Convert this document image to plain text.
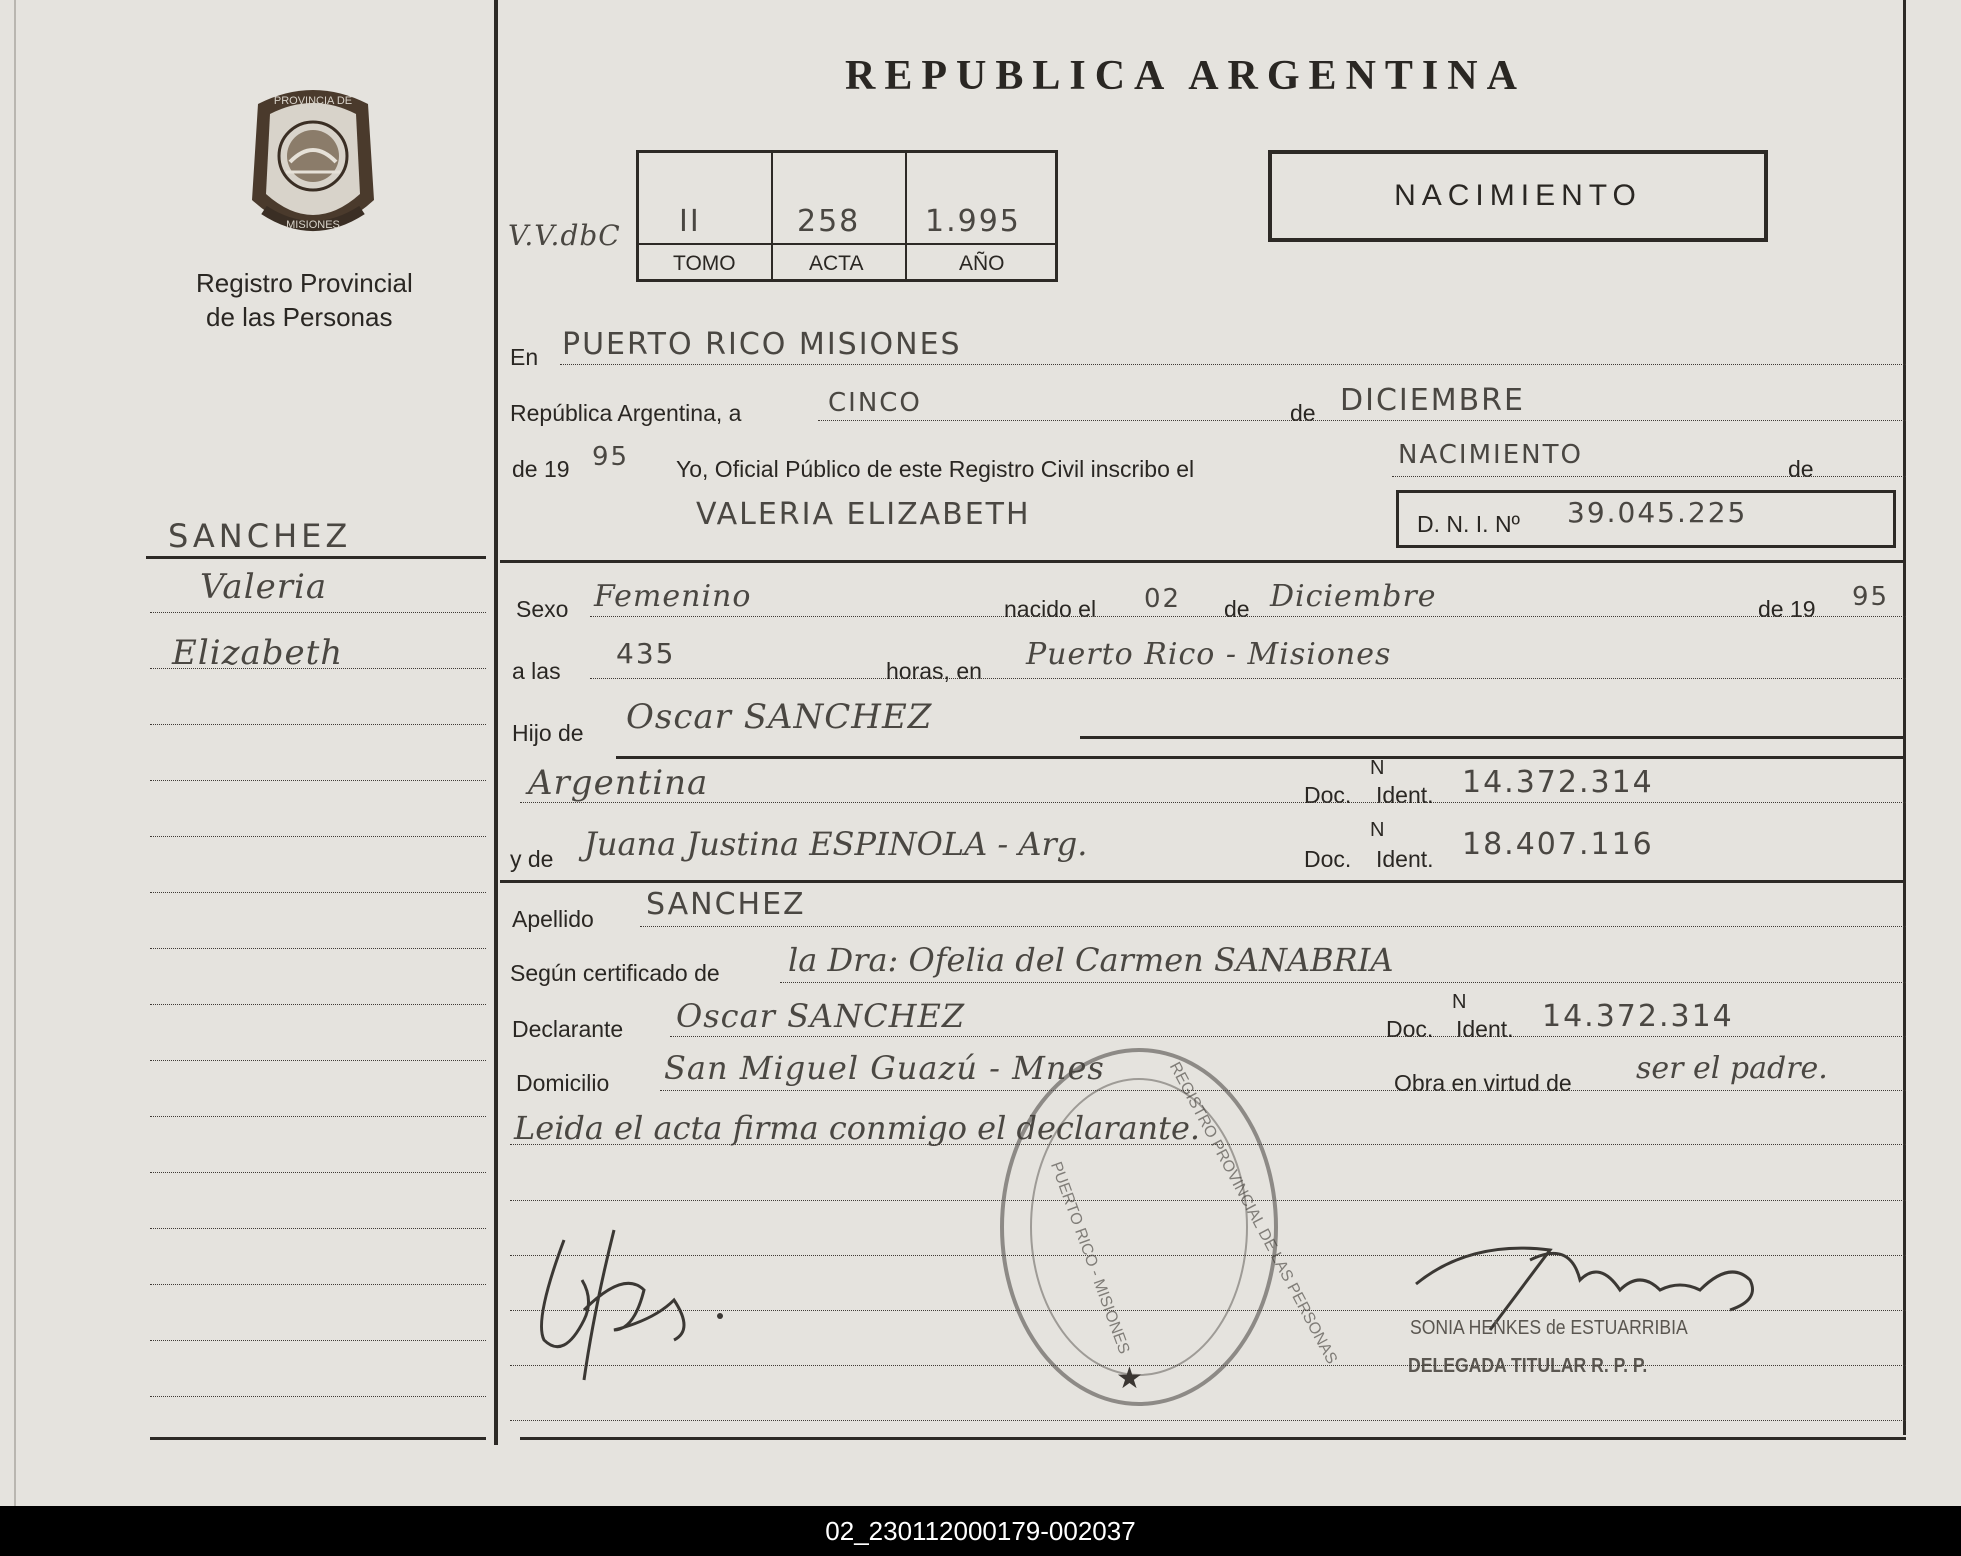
REPUBLICA ARGENTINA
PROVINCIA DE
MISIONES
Registro Provincial
de las Personas
V.V.dbC II	258 1.995
TOMO	ACTA	AÑO
NACIMIENTO
SANCHEZ
Valeria
Elizabeth
En PUERTO RICO MISIONES
República Argentina, a	CINCO	de DICIEMBRE
de 19 95 Yo, Oficial Público de este Registro Civil inscribo el	NACIMIENTO	de
VALERIA ELIZABETH	D. N. I. Nº 39.045.225
Sexo Femenino	nacido el 02 de Diciembre	de 19 95
a las
435
horas, en Puerto Rico - Misiones
Hijo de Oscar SANCHEZ
Argentina	Doc.
N
Ident. 14.372.314
y de Juana Justina ESPINOLA - Arg.	Doc.
N
Ident. 18.407.116
Apellido SANCHEZ
Según certificado de la Dra: Ofelia del Carmen SANABRIA
Declarante Oscar SANCHEZ	Doc.
N
Ident. 14.372.314
Domicilio San Miguel Guazú - Mnes	Obra en virtud de ser el padre.
Leida el acta firma conmigo el declarante.
REGISTRO PROVINCIAL DE LAS PERSONAS
PUERTO RICO - MISIONES
★
SONIA HENKES de ESTUARRIBIA
DELEGADA TITULAR R. P. P.
02_230112000179-002037
